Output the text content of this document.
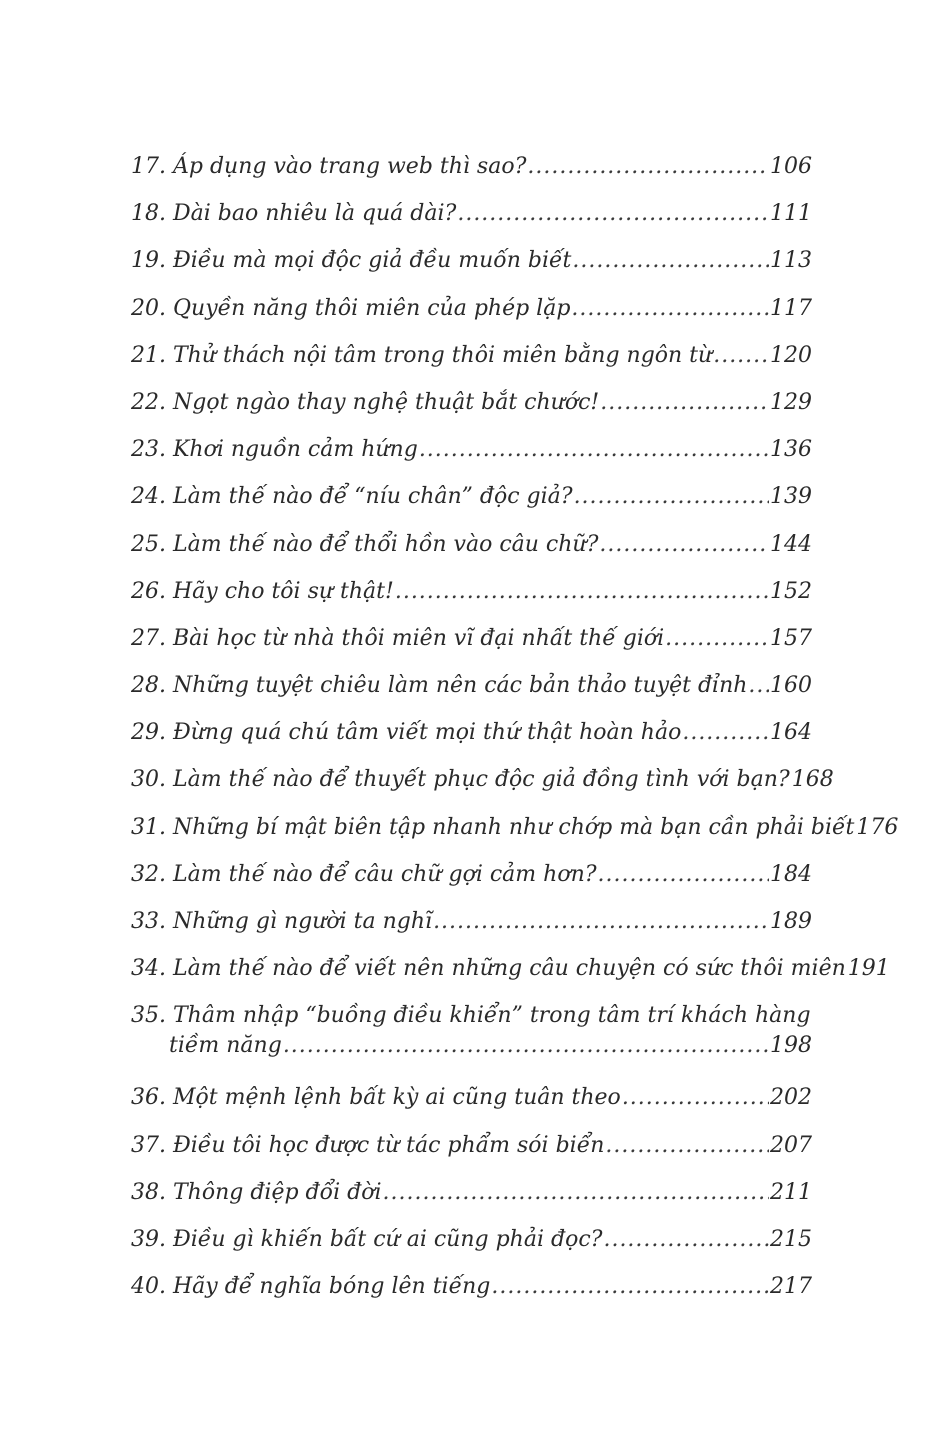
17. Áp dụng vào trang web thì sao? .....	106
18. Dài bao nhiêu là quá dài? .....	111
19. Điều mà mọi độc giả đều muốn biết .....	113
20. Quyền năng thôi miên của phép lặp .....	117
21. Thử thách nội tâm trong thôi miên bằng ngôn từ .....	120
22. Ngọt ngào thay nghệ thuật bắt chước! .....	129
23. Khơi nguồn cảm hứng .....	136
24. Làm thế nào để “níu chân” độc giả? .....	139
25. Làm thế nào để thổi hồn vào câu chữ? .....	144
26. Hãy cho tôi sự thật! .....	152
27. Bài học từ nhà thôi miên vĩ đại nhất thế giới .....	157
28. Những tuyệt chiêu làm nên các bản thảo tuyệt đỉnh ..... 160
29. Đừng quá chú tâm viết mọi thứ thật hoàn hảo .....	164
30. Làm thế nào để thuyết phục độc giả đồng tình với bạn? 168
31. Những bí mật biên tập nhanh như chớp mà bạn cần phải biết 176
32. Làm thế nào để câu chữ gợi cảm hơn? .....	184
33. Những gì người ta nghĩ .....	189
34. Làm thế nào để viết nên những câu chuyện có sức thôi miên 191
35. Thâm nhập “buồng điều khiển” trong tâm trí khách hàng
tiềm năng .....	198
36. Một mệnh lệnh bất kỳ ai cũng tuân theo .....	202
37. Điều tôi học được từ tác phẩm sói biển .....	207
38. Thông điệp đổi đời .....	211
39. Điều gì khiến bất cứ ai cũng phải đọc? .....	215
40. Hãy để nghĩa bóng lên tiếng .....	217
